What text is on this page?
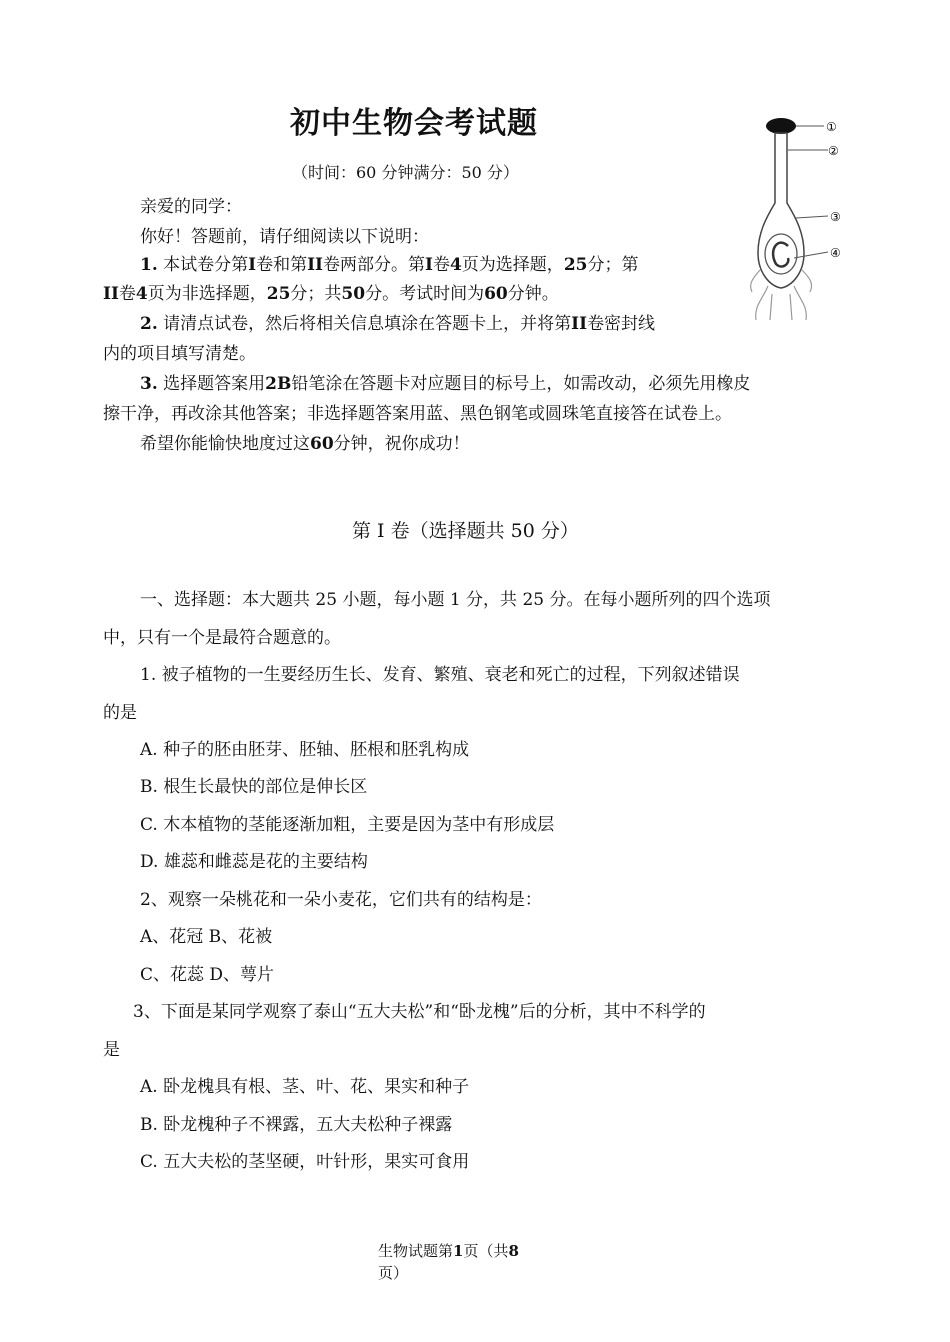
初中生物会考试题
（时间：60 分钟满分：50 分）
亲爱的同学：
你好！答题前，请仔细阅读以下说明：
1. 本试卷分第I卷和第II卷两部分。第I卷4页为选择题，25分；第
II卷4页为非选择题，25分；共50分。考试时间为60分钟。
2. 请清点试卷，然后将相关信息填涂在答题卡上，并将第II卷密封线
内的项目填写清楚。
3. 选择题答案用2B铅笔涂在答题卡对应题目的标号上，如需改动，必须先用橡皮
擦干净，再改涂其他答案；非选择题答案用蓝、黑色钢笔或圆珠笔直接答在试卷上。
希望你能愉快地度过这60分钟，祝你成功！
①
②
③
④
第 I 卷（选择题共 50 分）
一、选择题：本大题共 25 小题，每小题 1 分，共 25 分。在每小题所列的四个选项
中，只有一个是最符合题意的。
1. 被子植物的一生要经历生长、发育、繁殖、衰老和死亡的过程，下列叙述错误
的是
A. 种子的胚由胚芽、胚轴、胚根和胚乳构成
B. 根生长最快的部位是伸长区
C. 木本植物的茎能逐渐加粗，主要是因为茎中有形成层
D. 雄蕊和雌蕊是花的主要结构
2、观察一朵桃花和一朵小麦花，它们共有的结构是：
A、花冠 B、花被
C、花蕊 D、萼片
3、下面是某同学观察了泰山“五大夫松”和“卧龙槐”后的分析，其中不科学的
是
A. 卧龙槐具有根、茎、叶、花、果实和种子
B. 卧龙槐种子不裸露，五大夫松种子裸露
C. 五大夫松的茎坚硬，叶针形，果实可食用
生物试题第1页（共8
页）
